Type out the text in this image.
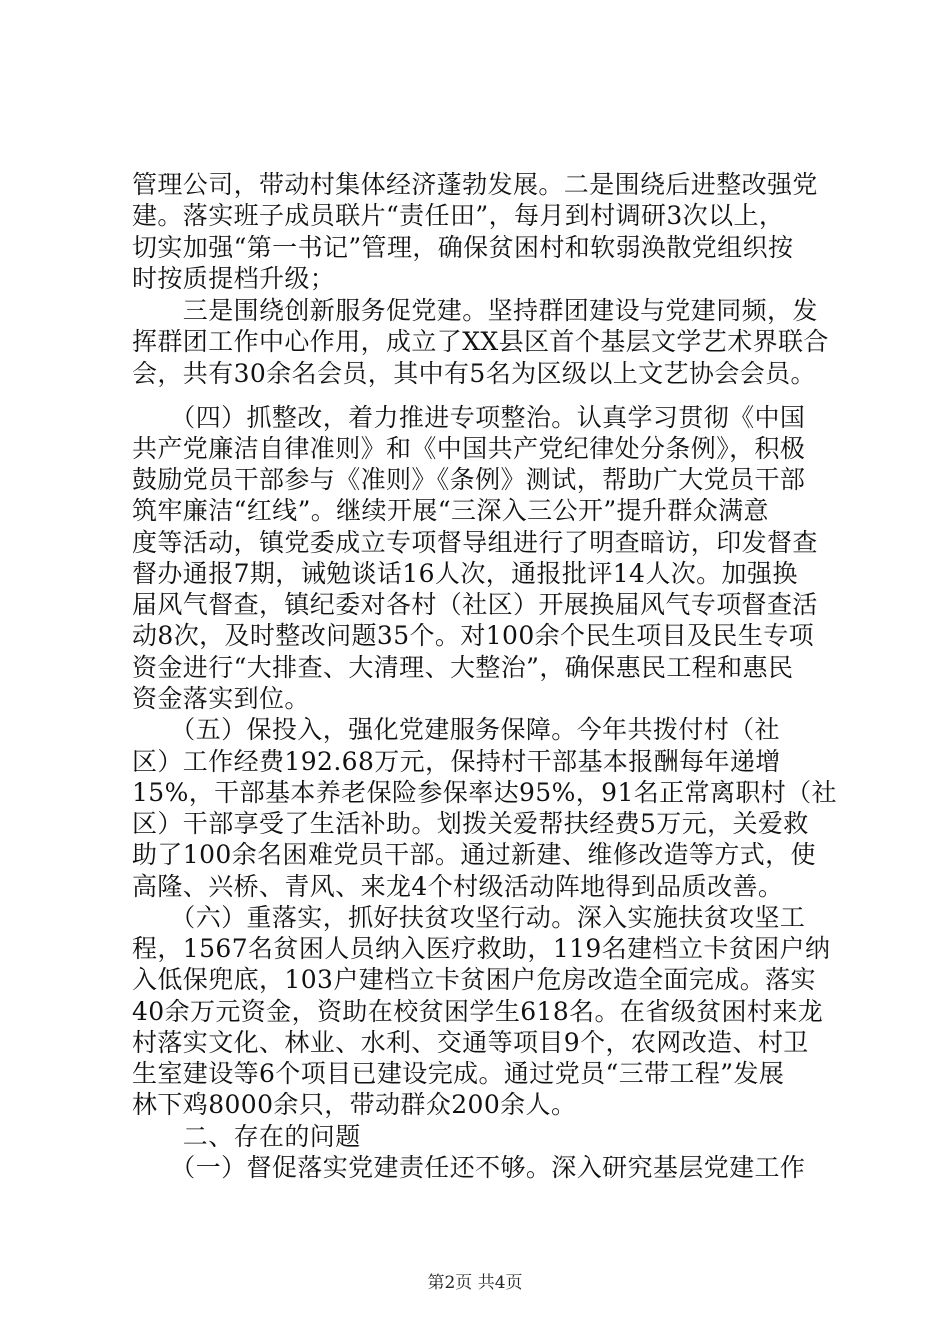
管理公司，带动村集体经济蓬勃发展。二是围绕后进整改强党
建。落实班子成员联片“责任田”，每月到村调研3次以上，
切实加强“第一书记”管理，确保贫困村和软弱涣散党组织按
时按质提档升级；
　　三是围绕创新服务促党建。坚持群团建设与党建同频，发
挥群团工作中心作用，成立了XX县区首个基层文学艺术界联合
会，共有30余名会员，其中有5名为区级以上文艺协会会员。
　　（四）抓整改，着力推进专项整治。认真学习贯彻《中国
共产党廉洁自律准则》和《中国共产党纪律处分条例》，积极
鼓励党员干部参与《准则》《条例》测试，帮助广大党员干部
筑牢廉洁“红线”。继续开展“三深入三公开”提升群众满意
度等活动，镇党委成立专项督导组进行了明查暗访，印发督查
督办通报7期，诫勉谈话16人次，通报批评14人次。加强换
届风气督查，镇纪委对各村（社区）开展换届风气专项督查活
动8次，及时整改问题35个。对100余个民生项目及民生专项
资金进行“大排查、大清理、大整治”，确保惠民工程和惠民
资金落实到位。
　　（五）保投入，强化党建服务保障。今年共拨付村（社
区）工作经费192.68万元，保持村干部基本报酬每年递增
15%，干部基本养老保险参保率达95%，91名正常离职村（社
区）干部享受了生活补助。划拨关爱帮扶经费5万元，关爱救
助了100余名困难党员干部。通过新建、维修改造等方式，使
高隆、兴桥、青风、来龙4个村级活动阵地得到品质改善。
　　（六）重落实，抓好扶贫攻坚行动。深入实施扶贫攻坚工
程，1567名贫困人员纳入医疗救助，119名建档立卡贫困户纳
入低保兜底，103户建档立卡贫困户危房改造全面完成。落实
40余万元资金，资助在校贫困学生618名。在省级贫困村来龙
村落实文化、林业、水利、交通等项目9个，农网改造、村卫
生室建设等6个项目已建设完成。通过党员“三带工程”发展
林下鸡8000余只，带动群众200余人。
　　二、存在的问题
第2页 共4页
　　（一）督促落实党建责任还不够。深入研究基层党建工作
